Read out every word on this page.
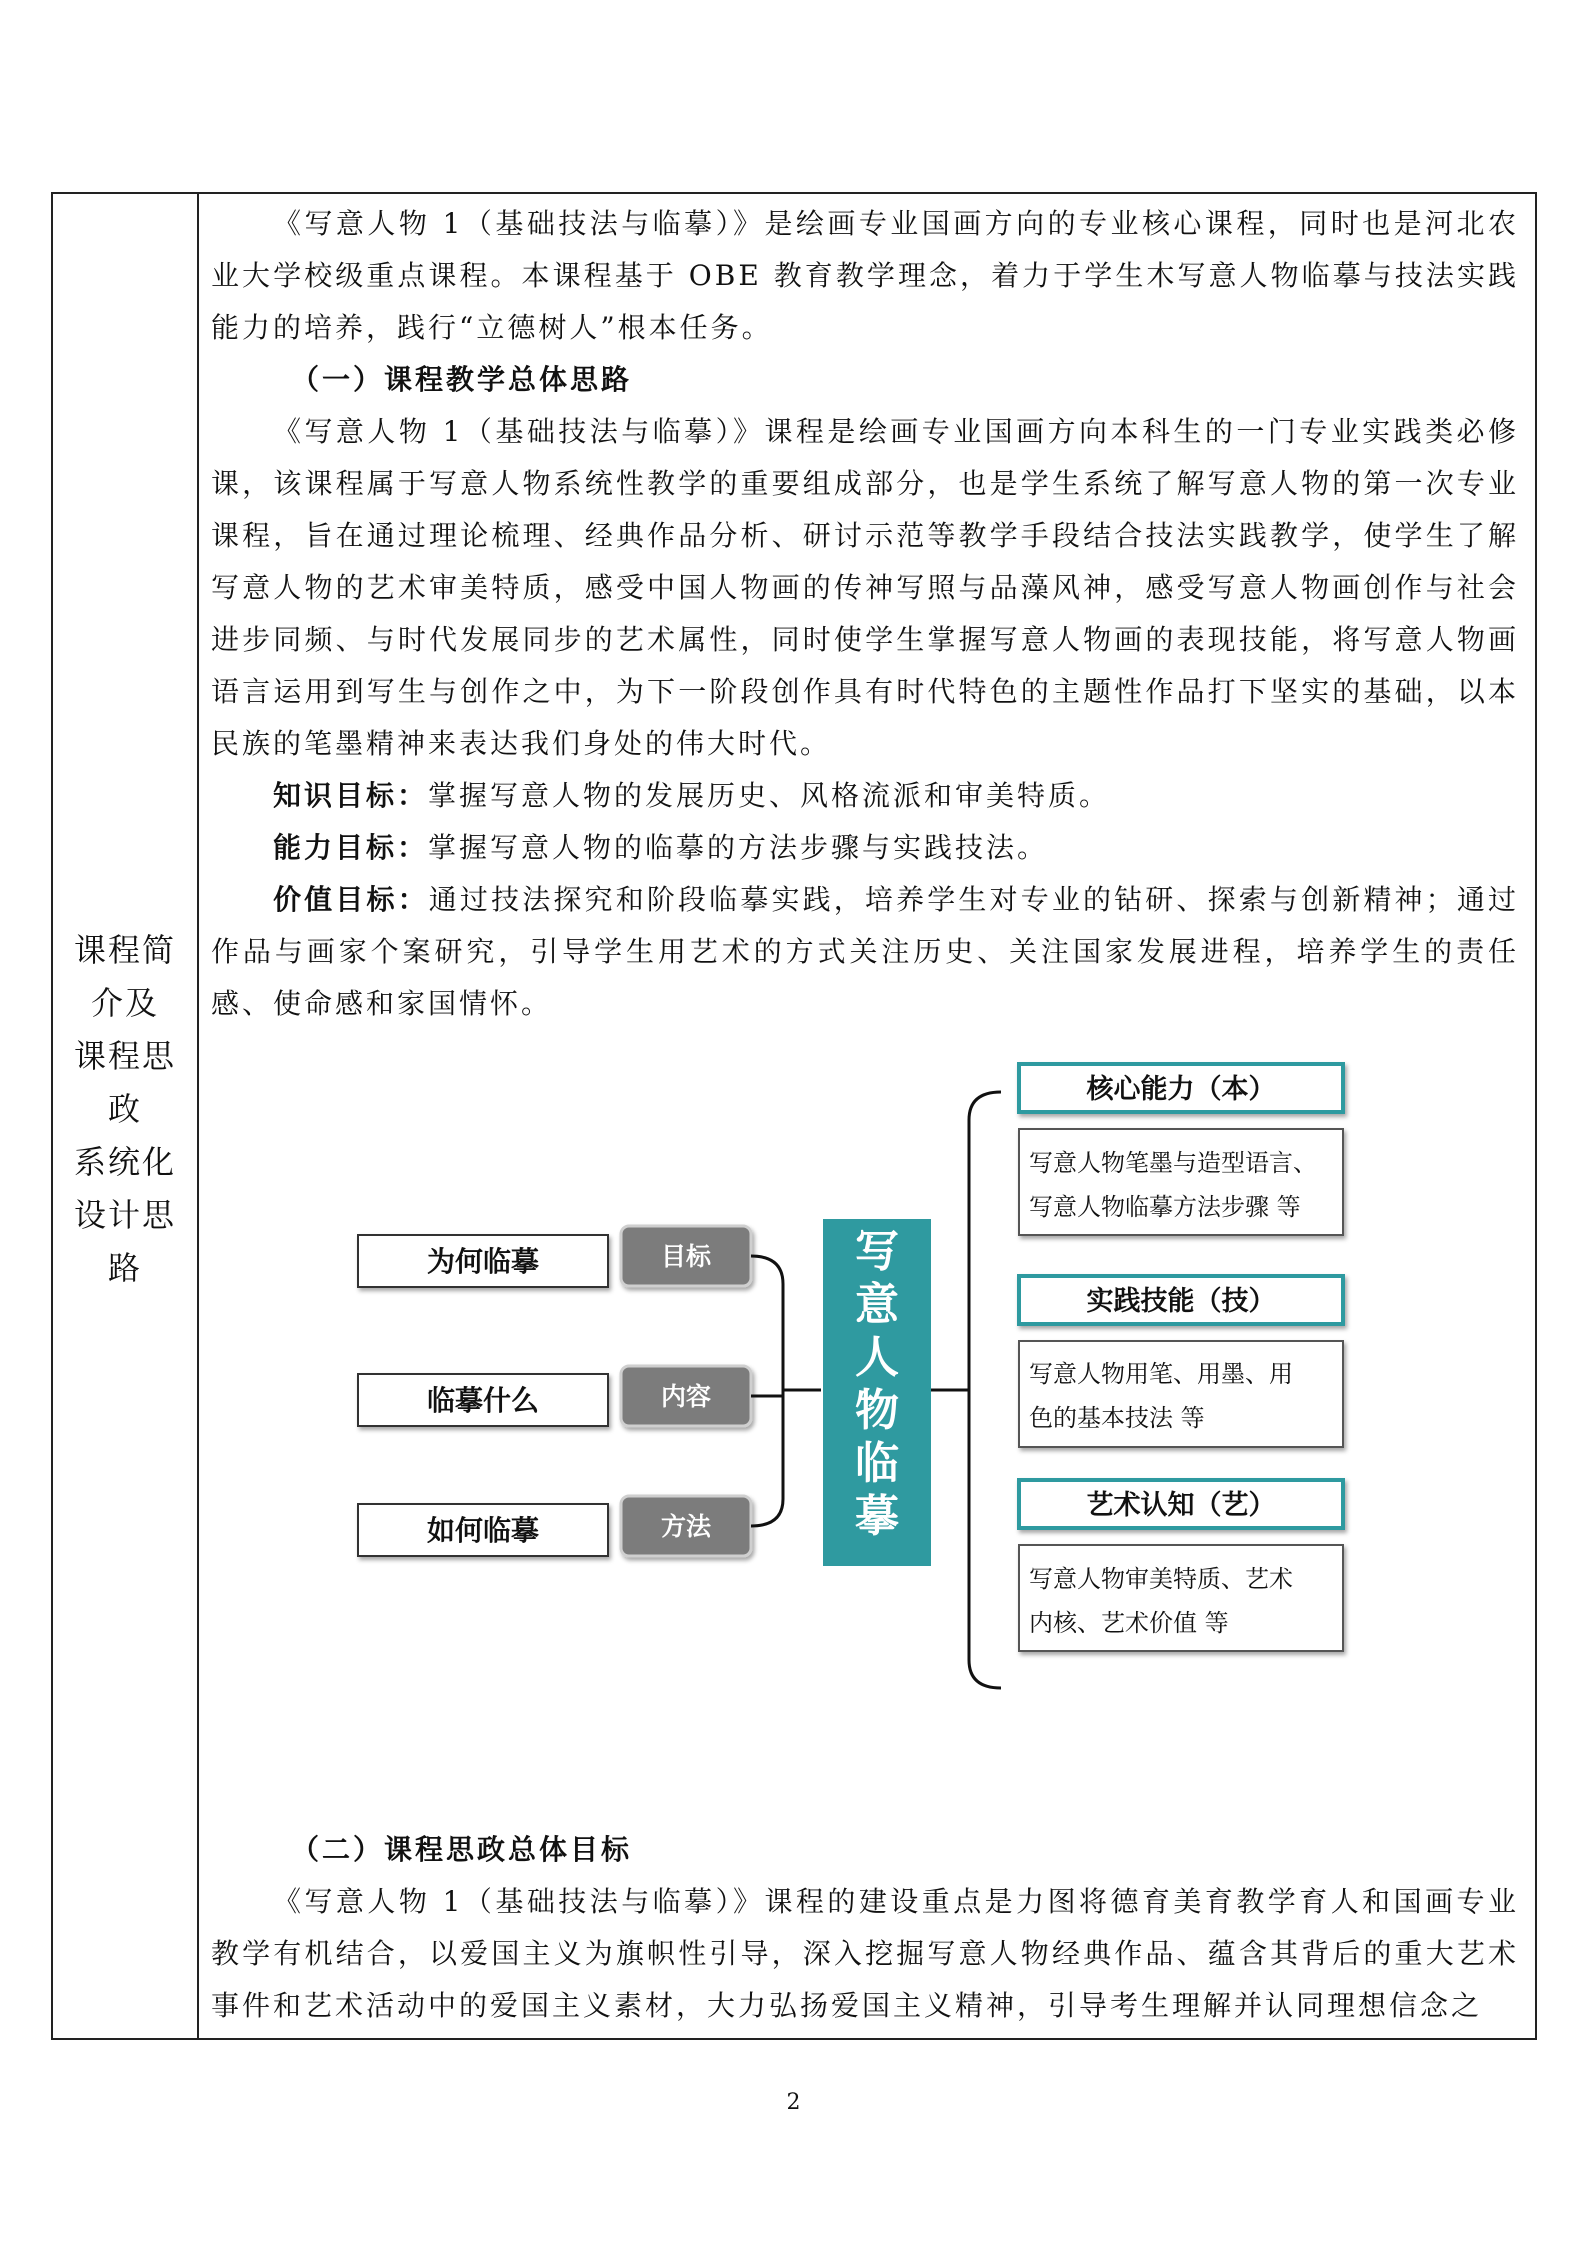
课程简
介及
课程思
政
系统化
设计思
路

《写意人物 1（基础技法与临摹）》是绘画专业国画方向的专业核心课程，同时也是河北农业大学校级重点课程。本课程基于 OBE 教育教学理念，着力于学生木写意人物临摹与技法实践能力的培养，践行“立德树人”根本任务。

（一）课程教学总体思路

《写意人物 1（基础技法与临摹）》课程是绘画专业国画方向本科生的一门专业实践类必修课，该课程属于写意人物系统性教学的重要组成部分，也是学生系统了解写意人物的第一次专业课程，旨在通过理论梳理、经典作品分析、研讨示范等教学手段结合技法实践教学，使学生了解写意人物的艺术审美特质，感受中国人物画的传神写照与品藻风神，感受写意人物画创作与社会进步同频、与时代发展同步的艺术属性，同时使学生掌握写意人物画的表现技能，将写意人物画语言运用到写生与创作之中，为下一阶段创作具有时代特色的主题性作品打下坚实的基础，以本民族的笔墨精神来表达我们身处的伟大时代。

知识目标：掌握写意人物的发展历史、风格流派和审美特质。

能力目标：掌握写意人物的临摹的方法步骤与实践技法。

价值目标：通过技法探究和阶段临摹实践，培养学生对专业的钻研、探索与创新精神；通过作品与画家个案研究，引导学生用艺术的方式关注历史、关注国家发展进程，培养学生的责任感、使命感和家国情怀。

为何临摹
临摹什么
如何临摹
目标
内容
方法
写
意
人
物
临
摹
核心能力（本）
写意人物笔墨与造型语言、
写意人物临摹方法步骤 等
实践技能（技）
写意人物用笔、用墨、用
色的基本技法 等
艺术认知（艺）
写意人物审美特质、艺术
内核、艺术价值 等

（二）课程思政总体目标

《写意人物 1（基础技法与临摹）》课程的建设重点是力图将德育美育教学育人和国画专业教学有机结合，以爱国主义为旗帜性引导，深入挖掘写意人物经典作品、蕴含其背后的重大艺术事件和艺术活动中的爱国主义素材，大力弘扬爱国主义精神，引导考生理解并认同理想信念之

2
